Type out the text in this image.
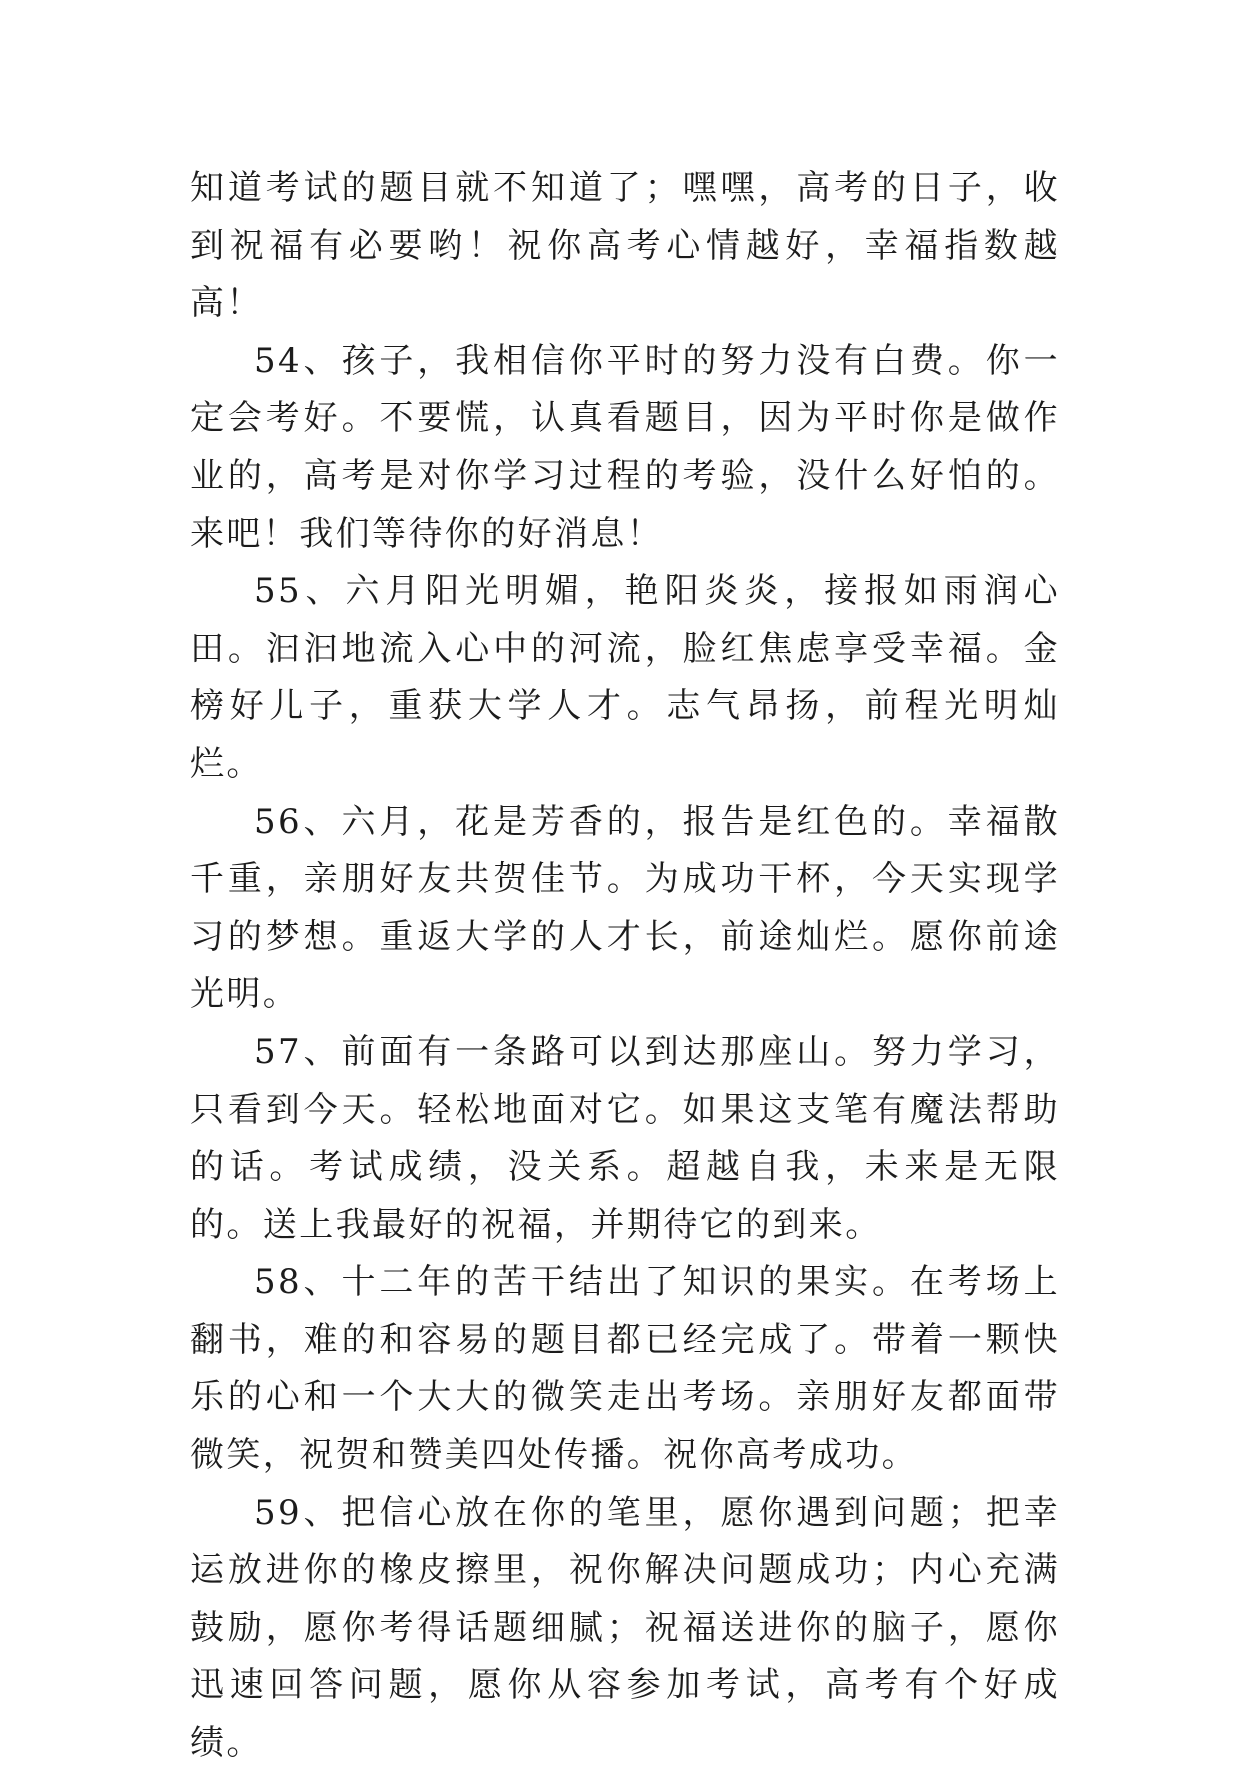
知道考试的题目就不知道了；嘿嘿，高考的日子，收到祝福有必要哟！祝你高考心情越好，幸福指数越高！

54、孩子，我相信你平时的努力没有白费。你一定会考好。不要慌，认真看题目，因为平时你是做作业的，高考是对你学习过程的考验，没什么好怕的。来吧！我们等待你的好消息！

55、六月阳光明媚，艳阳炎炎，接报如雨润心田。汩汩地流入心中的河流，脸红焦虑享受幸福。金榜好儿子，重获大学人才。志气昂扬，前程光明灿烂。

56、六月，花是芳香的，报告是红色的。幸福散千重，亲朋好友共贺佳节。为成功干杯，今天实现学习的梦想。重返大学的人才长，前途灿烂。愿你前途光明。

57、前面有一条路可以到达那座山。努力学习，只看到今天。轻松地面对它。如果这支笔有魔法帮助的话。考试成绩，没关系。超越自我，未来是无限的。送上我最好的祝福，并期待它的到来。

58、十二年的苦干结出了知识的果实。在考场上翻书，难的和容易的题目都已经完成了。带着一颗快乐的心和一个大大的微笑走出考场。亲朋好友都面带微笑，祝贺和赞美四处传播。祝你高考成功。

59、把信心放在你的笔里，愿你遇到问题；把幸运放进你的橡皮擦里，祝你解决问题成功；内心充满鼓励，愿你考得话题细腻；祝福送进你的脑子，愿你迅速回答问题，愿你从容参加考试，高考有个好成绩。
